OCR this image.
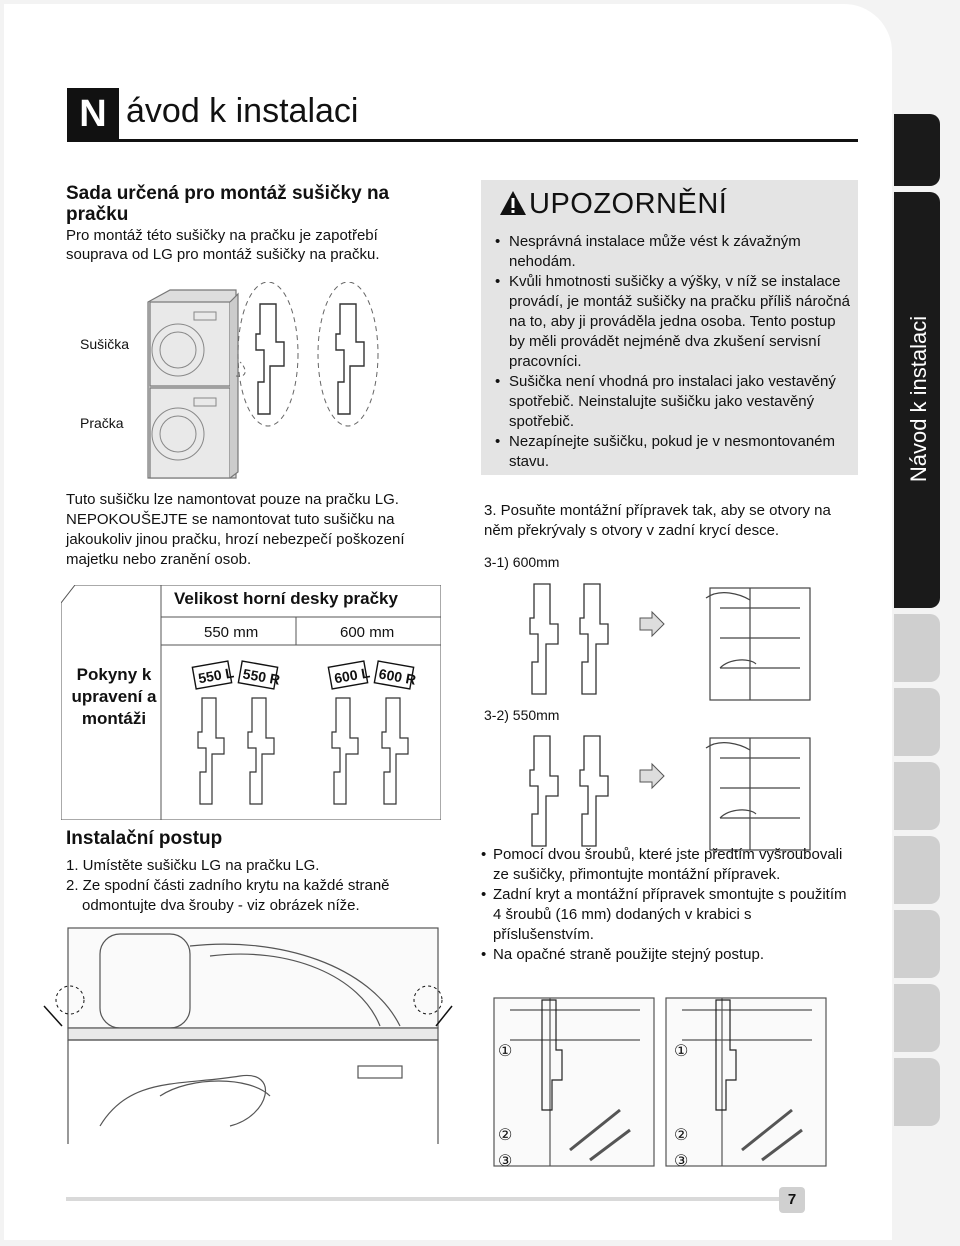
N ávod k instalaci
Návod k instalaci
Sada určená pro montáž sušičky na pračku
Pro montáž této sušičky na pračku je zapotřebí souprava od LG pro montáž sušičky na pračku.
Sušička
Pračka
Tuto sušičku lze namontovat pouze na pračku LG. NEPOKOUŠEJTE se namontovat tuto sušičku na jakoukoliv jinou pračku, hrozí nebezpečí poškození majetku nebo zranění osob.
UPOZORNĚNÍ
• Nesprávná instalace může vést k závažným nehodám.
• Kvůli hmotnosti sušičky a výšky, v níž se instalace provádí, je montáž sušičky na pračku příliš náročná na to, aby ji prováděla jedna osoba. Tento postup by měli provádět nejméně dva zkušení servisní pracovníci.
• Sušička není vhodná pro instalaci jako vestavěný spotřebič. Neinstalujte sušičku jako vestavěný spotřebič.
• Nezapínejte sušičku, pokud je v nesmontovaném stavu.
3. Posuňte montážní přípravek tak, aby se otvory na něm překrývaly s otvory v zadní krycí desce.
3-1) 600mm
3-2) 550mm
Velikost horní desky pračky
550 mm	600 mm
Pokyny k upravení a montáži
550 L 550 R	600 L 600 R
Instalační postup
1. Umístěte sušičku LG na pračku LG.
2. Ze spodní části zadního krytu na každé straně odmontujte dva šrouby - viz obrázek níže.
• Pomocí dvou šroubů, které jste předtím vyšroubovali ze sušičky, přimontujte montážní přípravek.
• Zadní kryt a montážní přípravek smontujte s použitím 4 šroubů (16 mm) dodaných v krabici s příslušenstvím.
• Na opačné straně použijte stejný postup.
①
②
③
①
②
③
7
